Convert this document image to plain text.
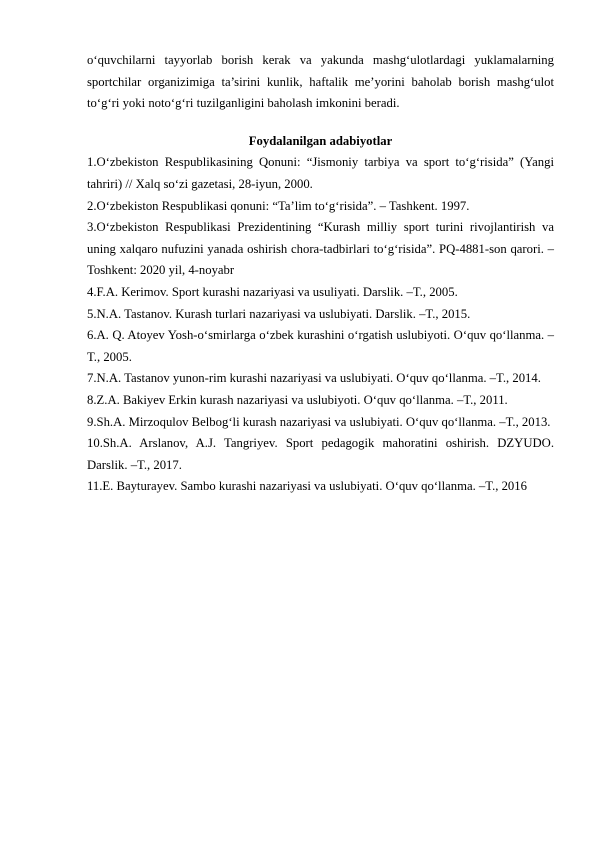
o‘quvchilarni tayyorlab borish kerak va yakunda mashg‘ulotlardagi yuklamalarning sportchilar organizimiga ta’sirini kunlik, haftalik me’yorini baholab borish mashg‘ulot to‘g‘ri yoki noto‘g‘ri tuzilganligini baholash imkonini beradi.

Foydalanilgan adabiyotlar
1.O‘zbekiston Respublikasining Qonuni: “Jismoniy tarbiya va sport to‘g‘risida” (Yangi tahriri) // Xalq so‘zi gazetasi, 28-iyun, 2000.
2.O‘zbekiston Respublikasi qonuni: “Ta’lim to‘g‘risida”. – Tashkent. 1997.
3.O‘zbekiston Respublikasi Prezidentining “Kurash milliy sport turini rivojlantirish va uning xalqaro nufuzini yanada oshirish chora-tadbirlari to‘g‘risida”. PQ-4881-son qarori. – Toshkent: 2020 yil, 4-noyabr
4.F.A. Kerimov. Sport kurashi nazariyasi va usuliyati. Darslik. –T., 2005.
5.N.A. Tastanov. Kurash turlari nazariyasi va uslubiyati. Darslik. –T., 2015.
6.A. Q. Atoyev Yosh-o‘smirlarga o‘zbek kurashini o‘rgatish uslubiyoti. O‘quv qo‘llanma. –T., 2005.
7.N.A. Tastanov yunon-rim kurashi nazariyasi va uslubiyati. O‘quv qo‘llanma. –T., 2014.
8.Z.A. Bakiyev Erkin kurash nazariyasi va uslubiyoti. O‘quv qo‘llanma. –T., 2011.
9.Sh.A. Mirzoqulov Belbog‘li kurash nazariyasi va uslubiyati. O‘quv qo‘llanma. –T., 2013.
10.Sh.A. Arslanov, A.J. Tangriyev. Sport pedagogik mahoratini oshirish. DZYUDO. Darslik. –T., 2017.
11.E. Bayturayev. Sambo kurashi nazariyasi va uslubiyati. O‘quv qo‘llanma. –T., 2016
